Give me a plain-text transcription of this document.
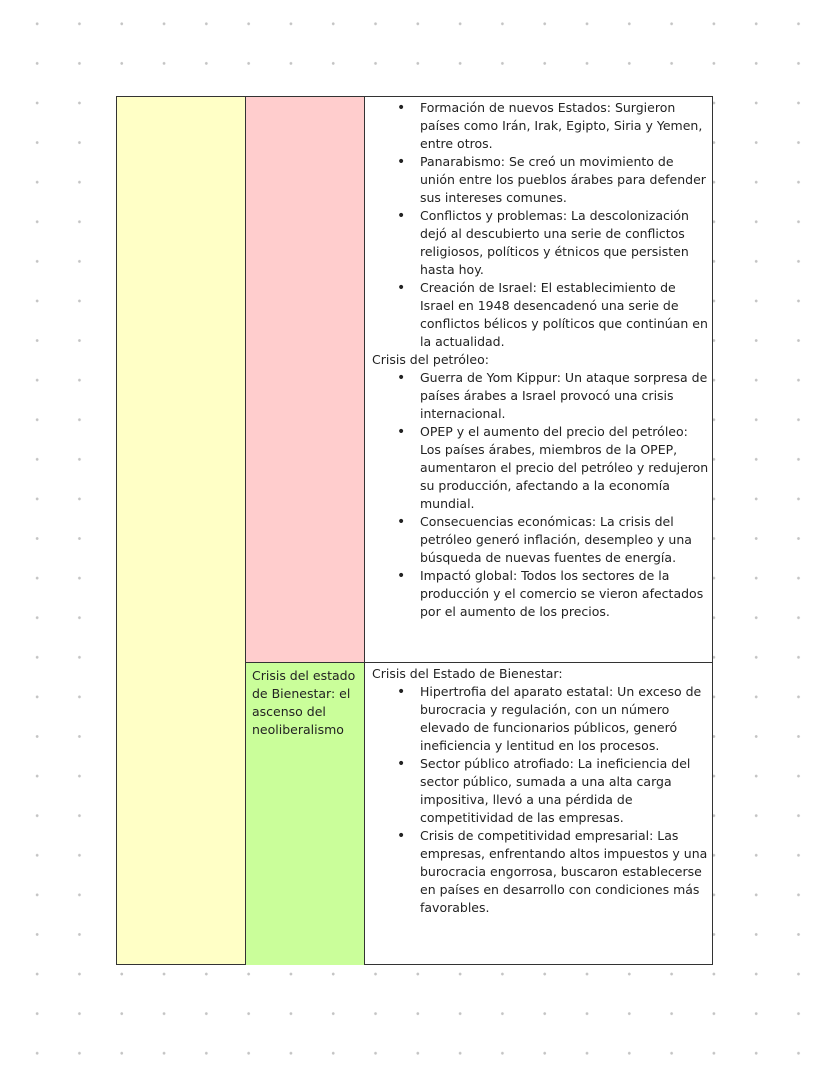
Crisis del estado de Bienestar: el ascenso del neoliberalismo
• Formación de nuevos Estados: Surgieron países como Irán, Irak, Egipto, Siria y Yemen, entre otros.
• Panarabismo: Se creó un movimiento de unión entre los pueblos árabes para defender sus intereses comunes.
• Conflictos y problemas: La descolonización dejó al descubierto una serie de conflictos religiosos, políticos y étnicos que persisten hasta hoy.
• Creación de Israel: El establecimiento de Israel en 1948 desencadenó una serie de conflictos bélicos y políticos que continúan en la actualidad.

Crisis del petróleo:

• Guerra de Yom Kippur: Un ataque sorpresa de países árabes a Israel provocó una crisis internacional.
• OPEP y el aumento del precio del petróleo: Los países árabes, miembros de la OPEP, aumentaron el precio del petróleo y redujeron su producción, afectando a la economía mundial.
• Consecuencias económicas: La crisis del petróleo generó inflación, desempleo y una búsqueda de nuevas fuentes de energía.
• Impactó global: Todos los sectores de la producción y el comercio se vieron afectados por el aumento de los precios.

Crisis del Estado de Bienestar:

• Hipertrofia del aparato estatal: Un exceso de burocracia y regulación, con un número elevado de funcionarios públicos, generó ineficiencia y lentitud en los procesos.
• Sector público atrofiado: La ineficiencia del sector público, sumada a una alta carga impositiva, llevó a una pérdida de competitividad de las empresas.
• Crisis de competitividad empresarial: Las empresas, enfrentando altos impuestos y una burocracia engorrosa, buscaron establecerse en países en desarrollo con condiciones más favorables.
